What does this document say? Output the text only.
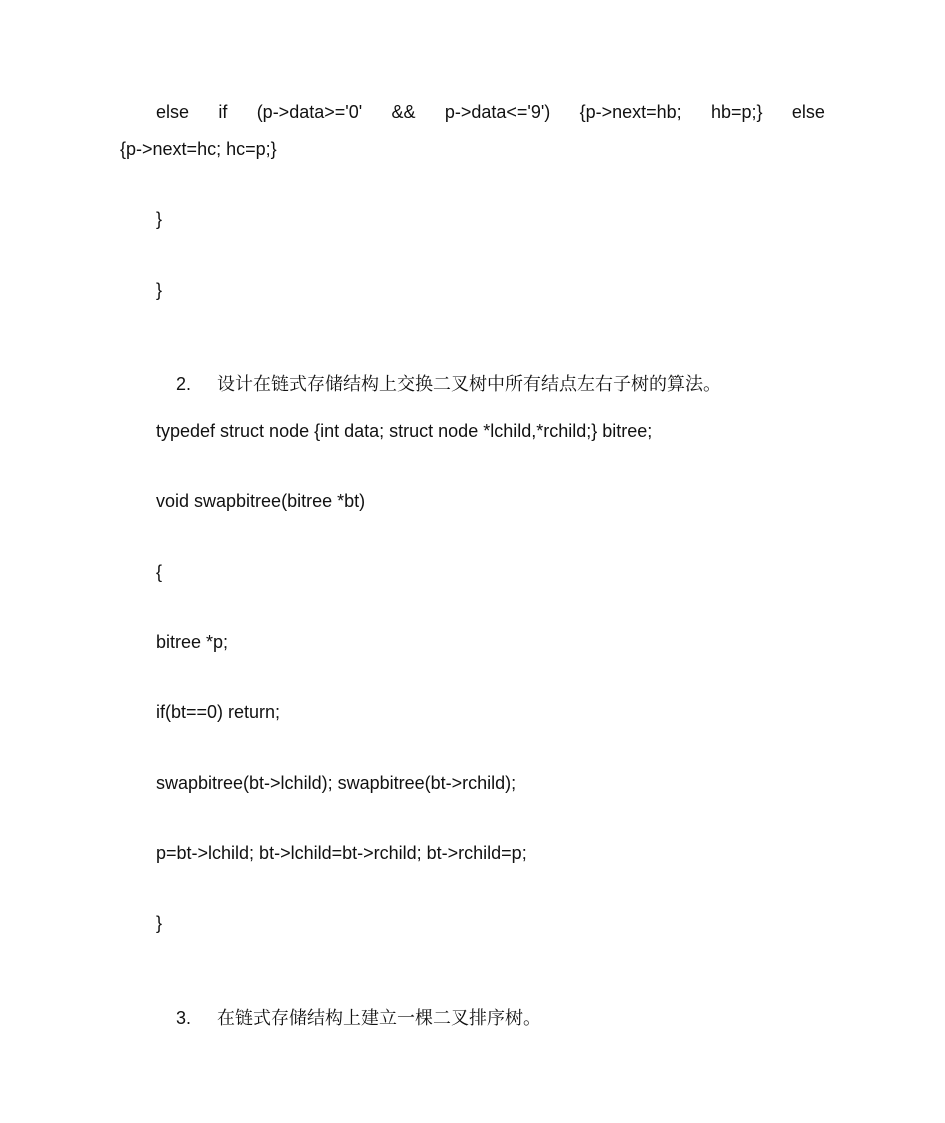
else if (p->data>='0' && p->data<='9') {p->next=hb; hb=p;} else
{p->next=hc; hc=p;}
}
}

2. 设计在链式存储结构上交换二叉树中所有结点左右子树的算法。

typedef struct node {int data; struct node *lchild,*rchild;} bitree;
void swapbitree(bitree *bt)
{
bitree *p;
if(bt==0) return;
swapbitree(bt->lchild); swapbitree(bt->rchild);
p=bt->lchild; bt->lchild=bt->rchild; bt->rchild=p;
}

3. 在链式存储结构上建立一棵二叉排序树。
